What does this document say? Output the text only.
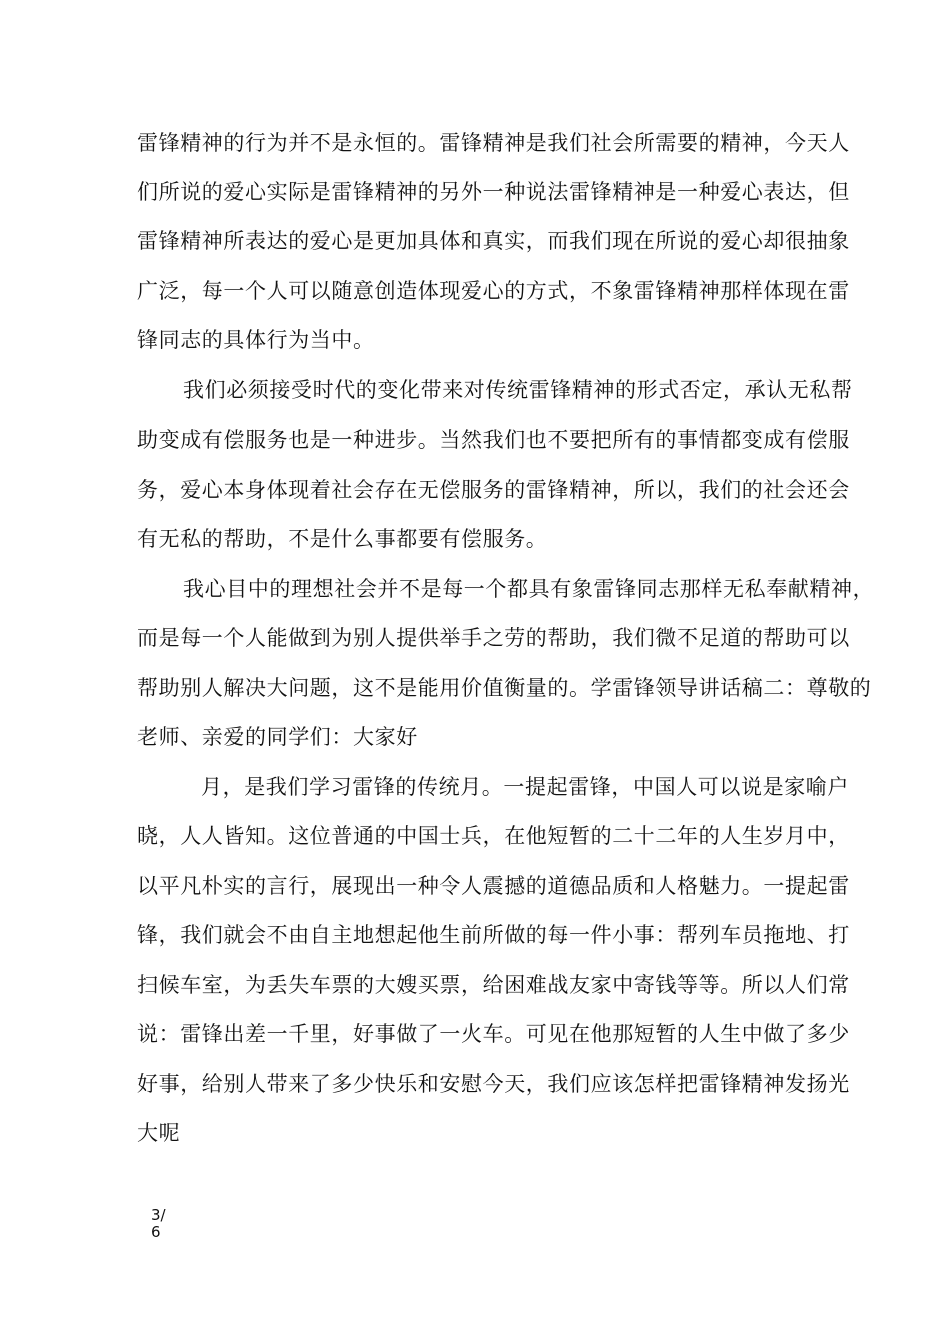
雷锋精神的行为并不是永恒的。雷锋精神是我们社会所需要的精神，今天人
们所说的爱心实际是雷锋精神的另外一种说法雷锋精神是一种爱心表达，但
雷锋精神所表达的爱心是更加具体和真实，而我们现在所说的爱心却很抽象
广泛，每一个人可以随意创造体现爱心的方式，不象雷锋精神那样体现在雷
锋同志的具体行为当中。
我们必须接受时代的变化带来对传统雷锋精神的形式否定，承认无私帮
助变成有偿服务也是一种进步。当然我们也不要把所有的事情都变成有偿服
务，爱心本身体现着社会存在无偿服务的雷锋精神，所以，我们的社会还会
有无私的帮助，不是什么事都要有偿服务。
我心目中的理想社会并不是每一个都具有象雷锋同志那样无私奉献精神，
而是每一个人能做到为别人提供举手之劳的帮助，我们微不足道的帮助可以
帮助别人解决大问题，这不是能用价值衡量的。学雷锋领导讲话稿二：尊敬的
老师、亲爱的同学们：大家好
月，是我们学习雷锋的传统月。一提起雷锋，中国人可以说是家喻户
晓，人人皆知。这位普通的中国士兵，在他短暂的二十二年的人生岁月中，
以平凡朴实的言行，展现出一种令人震撼的道德品质和人格魅力。一提起雷
锋，我们就会不由自主地想起他生前所做的每一件小事：帮列车员拖地、打
扫候车室，为丢失车票的大嫂买票，给困难战友家中寄钱等等。所以人们常
说：雷锋出差一千里，好事做了一火车。可见在他那短暂的人生中做了多少
好事，给别人带来了多少快乐和安慰今天，我们应该怎样把雷锋精神发扬光
大呢
3/6
